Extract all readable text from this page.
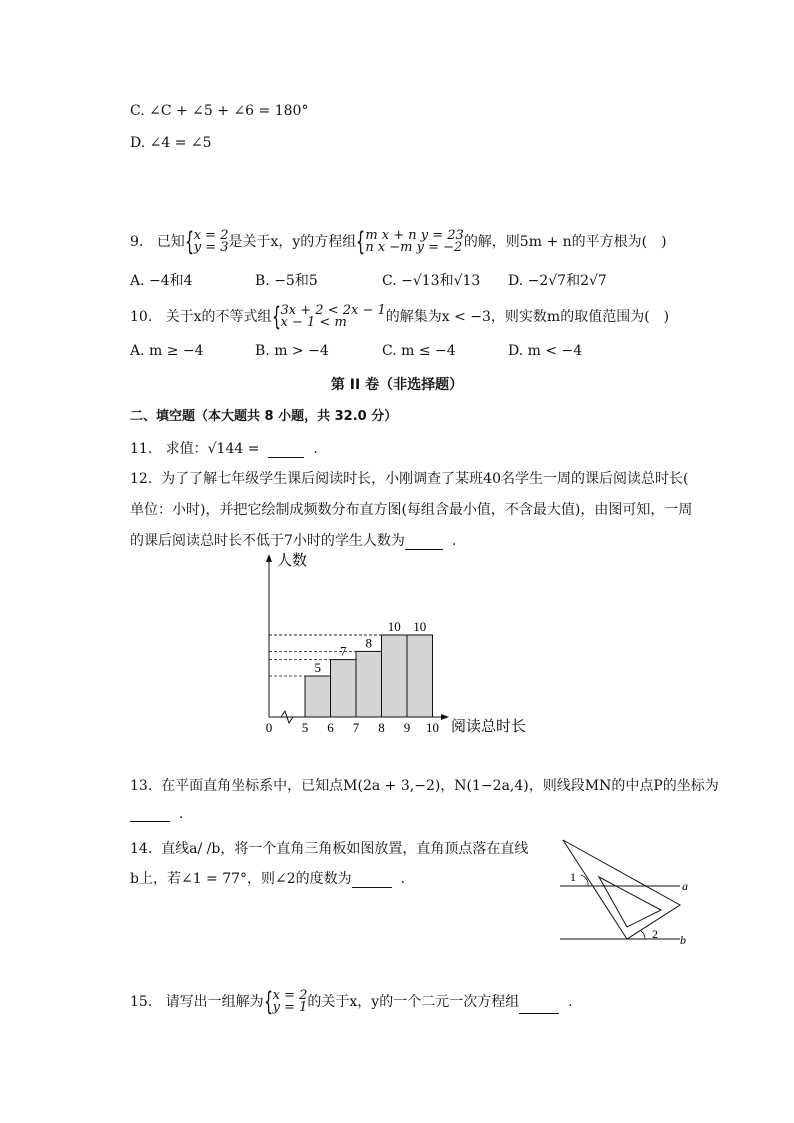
C. ∠C + ∠5 + ∠6 = 180°
D. ∠4 = ∠5
9. 已知 { x = 2
y = 3 是关于x，y的方程组 { m x + n y = 23
n x −m y = −2 的解，则5m + n的平方根为(　)
A. −4和4	B. −5和5	C. −√13和√13 D. −2√7和2√7
10. 关于x的不等式组 { 3x + 2 < 2x − 1
x − 1 < m	的解集为x < −3，则实数m的取值范围为(　)
A. m ≥ −4	B. m > −4	C. m ≤ −4	D. m < −4
第 II 卷（非选择题）
二、填空题（本大题共 8 小题，共 32.0 分）
11. 求值：√144 =	.
12. 为了了解七年级学生课后阅读时长，小刚调查了某班40名学生一周的课后阅读总时长(
单位：小时)，并把它绘制成频数分布直方图(每组含最小值，不含最大值)，由图可知，一周
的课后阅读总时长不低于7小时的学生人数为	.
5
7
8
10 10
0 5 6 7 8 9 10
人数
阅读总时长
13. 在平面直角坐标系中，已知点M(2a + 3,−2)，N(1−2a,4)，则线段MN的中点P的坐标为
.
14. 直线a/ /b，将一个直角三角板如图放置，直角顶点落在直线
b上，若∠1 = 77°，则∠2的度数为	.	1
2
a
b
15. 请写出一组解为 { x = 2
y = 1 的关于x，y的一个二元一次方程组	.
